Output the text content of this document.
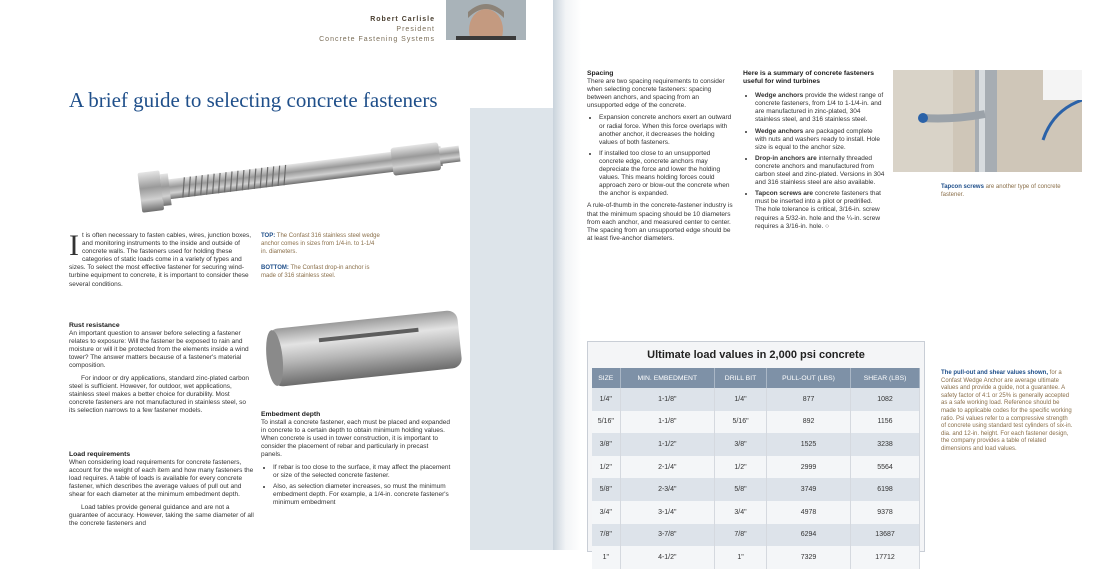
Robert Carlisle
President
Concrete Fastening Systems
A brief guide to selecting concrete fasteners
TOP: The Confast 316 stainless steel wedge anchor comes in sizes from 1/4-in. to 1-1/4 in. diameters.
BOTTOM: The Confast drop-in anchor is made of 316 stainless steel.
I t is often necessary to fasten cables, wires, junction boxes, and monitoring instruments to the inside and outside of concrete walls. The fasteners used for holding these categories of static loads come in a variety of types and sizes. To select the most effective fastener for securing wind-turbine equipment to concrete, it is important to consider these several conditions.
Rust resistance

An important question to answer before selecting a fastener relates to exposure: Will the fastener be exposed to rain and moisture or will it be protected from the elements inside a wind tower? The answer matters because of a fastener's material composition.

For indoor or dry applications, standard zinc-plated carbon steel is sufficient. However, for outdoor, wet applications, stainless steel makes a better choice for durability. Most concrete fasteners are not manufactured in stainless steel, so its selection narrows to a few fastener models.

Load requirements

When considering load requirements for concrete fasteners, account for the weight of each item and how many fasteners the load requires. A table of loads is available for every concrete fastener, which describes the average values of pull out and shear for each diameter at the minimum embedment depth.

Load tables provide general guidance and are not a guarantee of accuracy. However, taking the same diameter of all the concrete fasteners and

Embedment depth

To install a concrete fastener, each must be placed and expanded in concrete to a certain depth to obtain minimum holding values. When concrete is used in tower construction, it is important to consider the placement of rebar and particularly in precast panels.

• If rebar is too close to the surface, it may affect the placement or size of the selected concrete fastener.
• Also, as selection diameter increases, so must the minimum embedment depth. For example, a 1/4-in. concrete fastener's minimum embedment
Spacing

There are two spacing requirements to consider when selecting concrete fasteners: spacing between anchors, and spacing from an unsupported edge of the concrete.

• Expansion concrete anchors exert an outward or radial force. When this force overlaps with another anchor, it decreases the holding values of both fasteners.
• If installed too close to an unsupported concrete edge, concrete anchors may depreciate the force and lower the holding values. This means holding forces could approach zero or blow-out the concrete when the anchor is expanded.

A rule-of-thumb in the concrete-fastener industry is that the minimum spacing should be 10 diameters from each anchor, and measured center to center. The spacing from an unsupported edge should be at least five-anchor diameters.

Here is a summary of concrete fasteners useful for wind turbines
• Wedge anchors provide the widest range of concrete fasteners, from 1/4 to 1-1/4-in. and are manufactured in zinc-plated, 304 stainless steel, and 316 stainless steel.
• Wedge anchors are packaged complete with nuts and washers ready to install. Hole size is equal to the anchor size.
• Drop-in anchors are internally threaded concrete anchors and manufactured from carbon steel and zinc-plated. Versions in 304 and 316 stainless steel are also available.
• Tapcon screws are concrete fasteners that must be inserted into a pilot or predrilled. The hole tolerance is critical, 3/16-in. screw requires a 5/32-in. hole and the ¼-in. screw requires a 3/16-in. hole. ○
Tapcon screws are another type of concrete fastener.
Ultimate load values in 2,000 psi concrete
SIZE	MIN. EMBEDMENT	DRILL BIT	PULL-OUT (LBS)	SHEAR (LBS)
1/4"	1-1/8"	1/4"	877	1082
5/16"	1-1/8"	5/16"	892	1156
3/8"	1-1/2"	3/8"	1525	3238
1/2"	2-1/4"	1/2"	2999	5564
5/8"	2-3/4"	5/8"	3749	6198
3/4"	3-1/4"	3/4"	4978	9378
7/8"	3-7/8"	7/8"	6294	13687
1"	4-1/2"	1"	7329	17712
The pull-out and shear values shown, for a Confast Wedge Anchor are average ultimate values and provide a guide, not a guarantee. A safety factor of 4:1 or 25% is generally accepted as a safe working load. Reference should be made to applicable codes for the specific working ratio. Psi values refer to a compressive strength of concrete using standard test cylinders of six-in. dia. and 12-in. height. For each fastener design, the company provides a table of related dimensions and load values.
